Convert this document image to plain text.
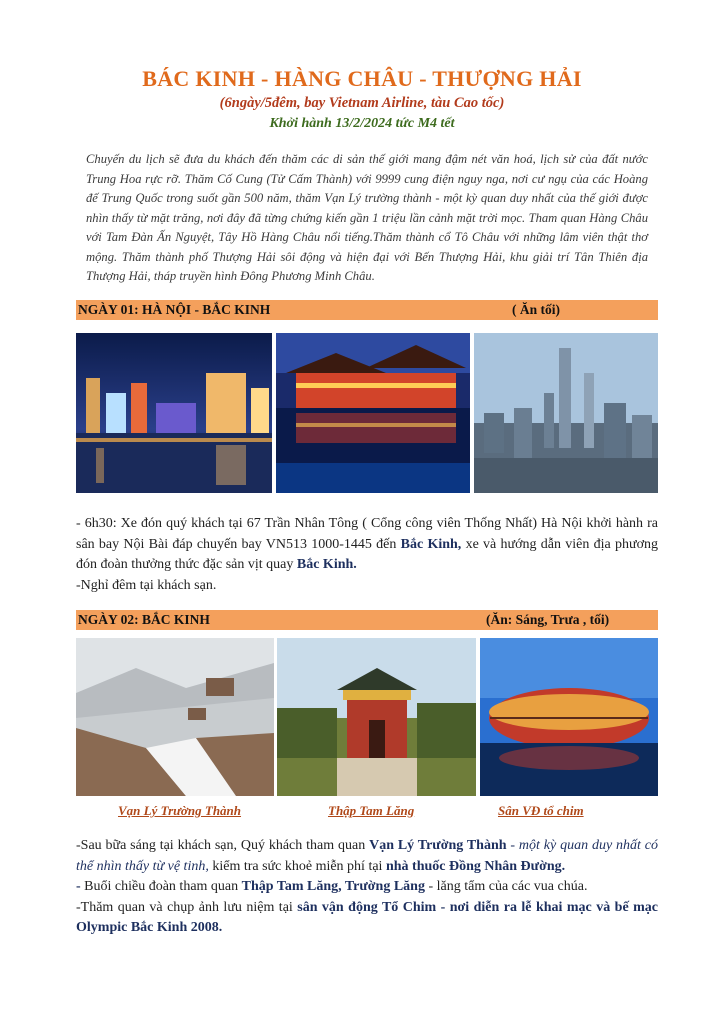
BÁC KINH - HÀNG CHÂU - THƯỢNG HẢI
(6ngày/5đêm, bay Vietnam Airline, tàu Cao tốc)
Khởi hành 13/2/2024 tức M4 tết
Chuyến du lịch sẽ đưa du khách đến thăm các di sản thế giới mang đậm nét văn hoá, lịch sử của đất nước Trung Hoa rực rỡ. Thăm Cố Cung (Tử Cấm Thành) với 9999 cung điện nguy nga, nơi cư ngụ của các Hoàng đế Trung Quốc trong suốt gần 500 năm, thăm Vạn Lý trường thành - một kỳ quan duy nhất của thế giới được nhìn thấy từ mặt trăng, nơi đây đã từng chứng kiến gần 1 triệu lần cảnh mặt trời mọc. Tham quan Hàng Châu với Tam Đàn Ấn Nguyệt, Tây Hồ Hàng Châu nổi tiếng.Thăm thành cổ Tô Châu với những lâm viên thật thơ mộng. Thăm thành phố Thượng Hải sôi động và hiện đại với Bến Thượng Hải, khu giải trí Tân Thiên địa Thượng Hải, tháp truyền hình Đông Phương Minh Châu.
NGÀY 01: HÀ NỘI - BẮC KINH	( Ăn tối)

- 6h30: Xe đón quý khách tại 67 Trần Nhân Tông ( Cổng công viên Thống Nhất) Hà Nội khởi hành ra sân bay Nội Bài đáp chuyến bay VN513 1000-1445 đến Bắc Kinh, xe và hướng dẫn viên địa phương đón đoàn thưởng thức đặc sản vịt quay Bắc Kinh.

-Nghỉ đêm tại khách sạn.

NGÀY 02: BẮC KINH	(Ăn: Sáng, Trưa , tối)
Vạn Lý Trường Thành	Thập Tam Lăng	Sân VĐ tổ chim

-Sau bữa sáng tại khách sạn, Quý khách tham quan Vạn Lý Trường Thành - một kỳ quan duy nhất có thể nhìn thấy từ vệ tinh, kiểm tra sức khoẻ miễn phí tại nhà thuốc Đồng Nhân Đường.

- Buổi chiều đoàn tham quan Thập Tam Lăng, Trường Lăng - lăng tẩm của các vua chúa.

-Thăm quan và chụp ảnh lưu niệm tại sân vận động Tổ Chim - nơi diễn ra lễ khai mạc và bế mạc Olympic Bắc Kinh 2008.
